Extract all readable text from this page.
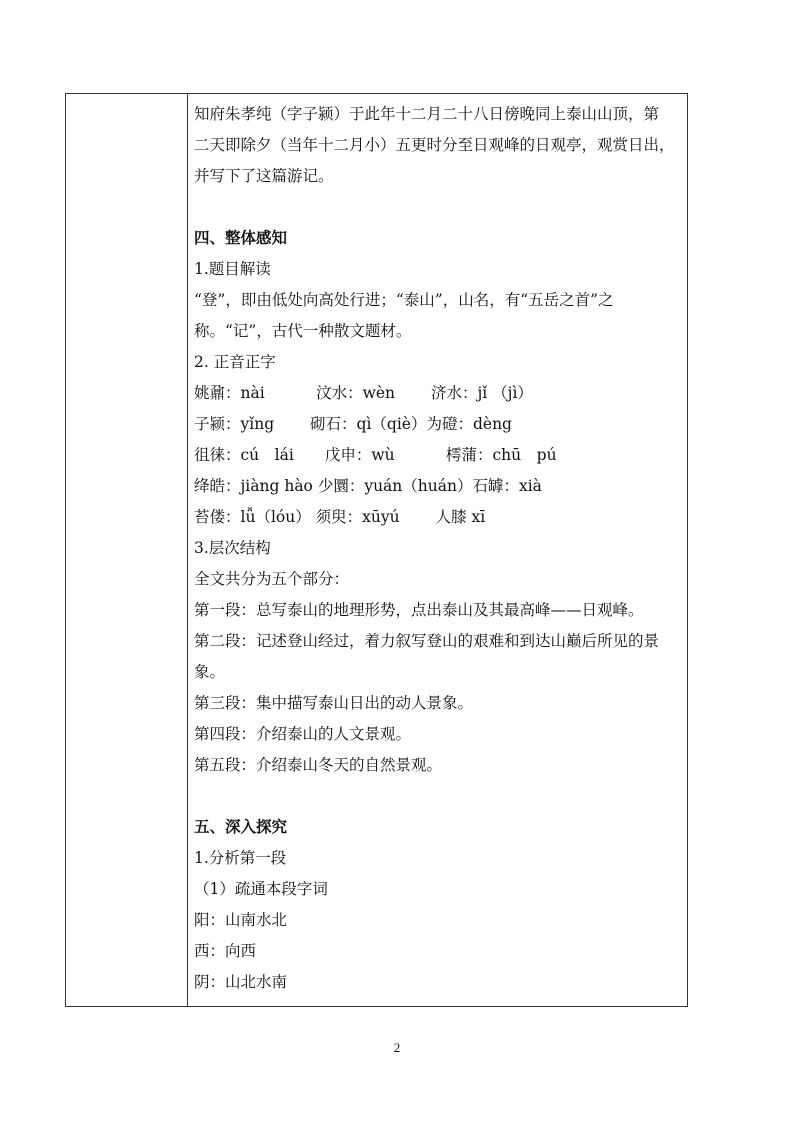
知府朱孝纯（字子颍）于此年十二月二十八日傍晚同上泰山山顶，第
二天即除夕（当年十二月小）五更时分至日观峰的日观亭，观赏日出，
并写下了这篇游记。
四、整体感知
1.题目解读
“登”，即由低处向高处行进；“泰山”，山名，有“五岳之首”之
称。“记”，古代一种散文题材。
2. 正音正字
姚鼐：nài　　　 汶水：wèn　　 济水：jǐ （jì）
子颍：yǐng　　 砌石：qì（qiè）为磴：dèng
徂徕：cú　lái　　戊申：wù　　　 樗蒲：chū　pú
绛皓：jiàng hào 少圜：yuán（huán）石罅：xià
苔偻：lǚ（lóu） 须臾：xūyú　　 人膝 xī
3.层次结构
全文共分为五个部分：
第一段：总写泰山的地理形势，点出泰山及其最高峰——日观峰。
第二段：记述登山经过，着力叙写登山的艰难和到达山巅后所见的景
象。
第三段：集中描写泰山日出的动人景象。
第四段：介绍泰山的人文景观。
第五段：介绍泰山冬天的自然景观。
五、深入探究
1.分析第一段
（1）疏通本段字词
阳：山南水北
西：向西
阴：山北水南
2
